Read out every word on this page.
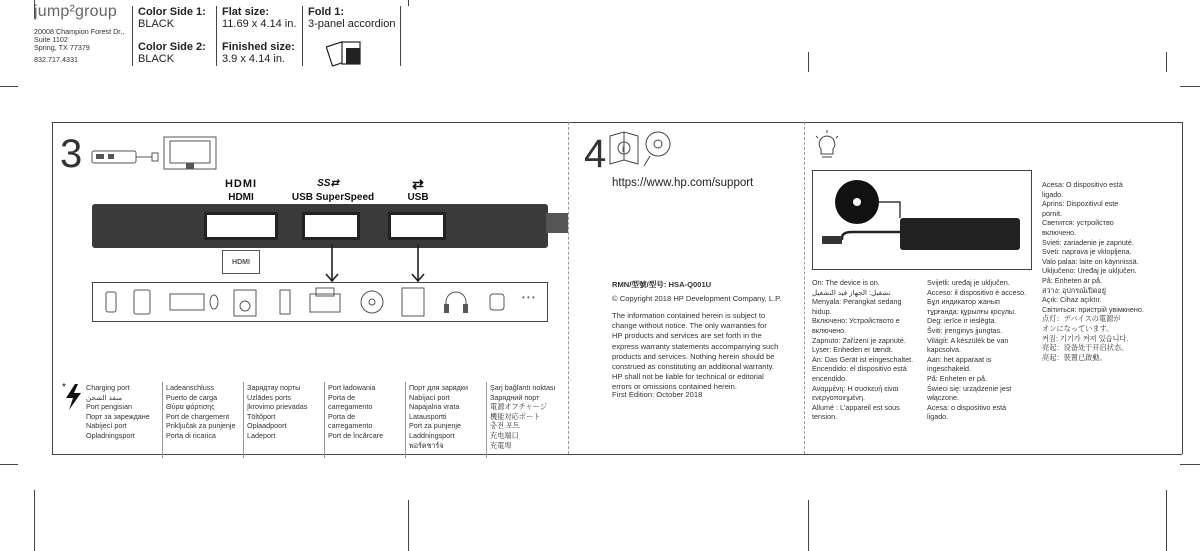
jump²group
20008 Champion Forest Dr.,
Suite 1102
Spring, TX 77379
832.717.4331
Color Side 1:
BLACK
Color Side 2:
BLACK
Flat size:
11.69 x 4.14 in.
Finished size:
3.9 x 4.14 in.
Fold 1:
3-panel accordion
3
HDMI
HDMI
SS⇄
USB SuperSpeed
⇄
USB
HDMI
• • •
*	Charging port
منفذ الشحن
Port pengisian
Порт за зареждане
Nabíjecí port
Opladningsport
Ladeanschluss
Puerto de carga
Θύρα φόρτισης
Port de chargement
Priključak za punjenje
Porta di ricarica
Зарядтау порты
Uzlādes ports
Įkrovimo prievadas
Töltőport
Oplaadpoort
Ladeport
Port ładowania
Porta de
carregamento
Porta de
carregamento
Port de încărcare
Порт для зарядки
Nabíjací port
Napajalna vrata
Latausportti
Port za punjenje
Laddningsport
พอร์ตชาร์จ
Şarj bağlantı noktası
Зарядний порт
電源オフチャージ
機能対応ポート
충전 포트
充电端口
充電埠
4 i
https://www.hp.com/support
RMN/型號/型号: HSA-Q001U
© Copyright 2018 HP Development Company, L.P.
The information contained herein is subject to
change without notice. The only warranties for
HP products and services are set forth in the
express warranty statements accompanying such
products and services. Nothing herein should be
construed as constituting an additional warranty.
HP shall not be liable for technical or editorial
errors or omissions contained herein.
First Edition: October 2018
On: The device is on.
تشغيل: الجهاز قيد التشغيل
Menyala: Perangkat sedang
hidup.
Включено: Устройството е
включено.
Zapnuto: Zařízení je zapnuté.
Lyser: Enheden er tændt.
An: Das Gerät ist eingeschaltet.
Encendido: el dispositivo está
encendido.
Αναμμένη: Η συσκευή είναι
ενεργοποιημένη.
Allumé : L'appareil est sous
tension.
Svijetli: uređaj je uključen.
Acceso: il dispositivo è acceso.
Бұл индикатор жанып
тұрғанда: құрылғы қосулы.
Deg: ierīce ir ieslēgta.
Šviti: įrenginys įjungtas.
Világít: A készülék be van
kapcsolva.
Aan: het apparaat is
ingeschakeld.
På: Enheten er på.
Świeci się: urządzenie jest
włączone.
Acesa: o dispositivo está
ligado.
Acesa: O dispositivo está
ligado.
Aprins: Dispozitivul este
pornit.
Светится: устройство
включено.
Svieti: zariadenie je zapnuté.
Sveti: naprava je vklopljena.
Valo palaa: laite on käynnissä.
Uključeno: Uređaj je uključen.
På: Enheten är på.
สว่าง: อุปกรณ์เปิดอยู่
Açık: Cihaz açıktır.
Світиться: пристрій увімкнено.
点灯：デバイスの電源が
オンになっています。
켜짐: 기기가 켜져 있습니다.
亮起：设备处于开启状态。
亮起：裝置已啟動。
